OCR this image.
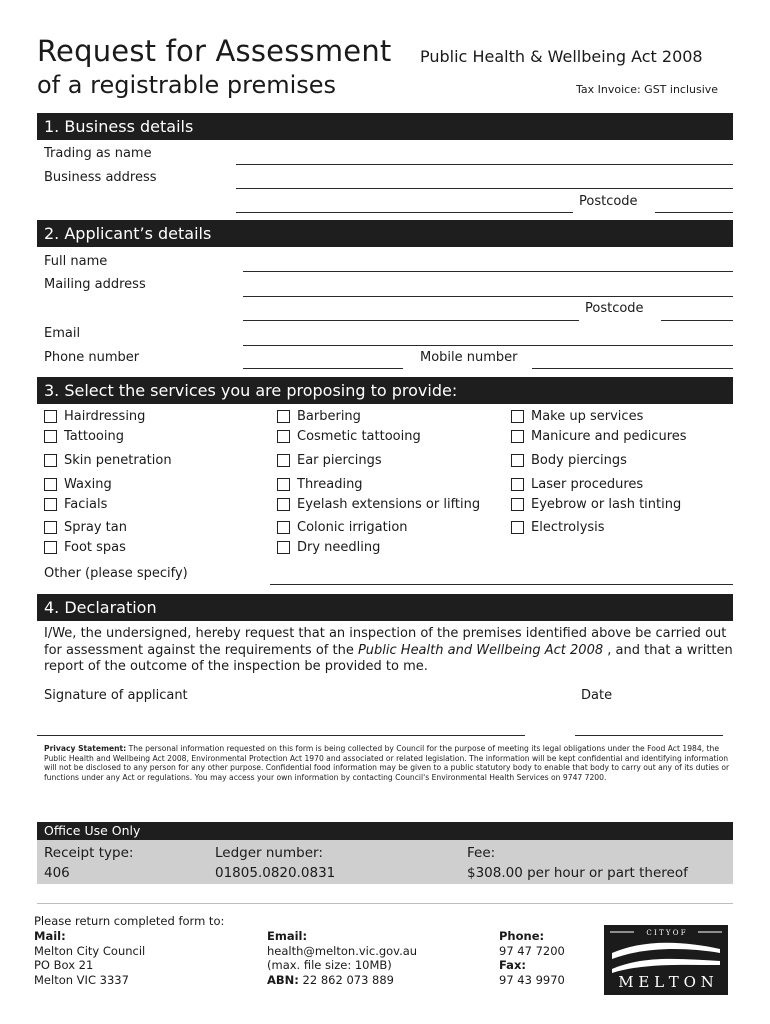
Request for Assessment
of a registrable premises
Public Health & Wellbeing Act 2008
Tax Invoice: GST inclusive
1. Business details
Trading as name
Business address
Postcode
2. Applicant’s details
Full name
Mailing address
Postcode
Email
Phone number	Mobile number
3. Select the services you are proposing to provide:
Hairdressing
Tattooing
Skin penetration
Waxing
Facials
Spray tan
Foot spas
Barbering
Cosmetic tattooing
Ear piercings
Threading
Eyelash extensions or lifting
Colonic irrigation
Dry needling
Make up services
Manicure and pedicures
Body piercings
Laser procedures
Eyebrow or lash tinting
Electrolysis
Other (please specify)
4. Declaration
I/We, the undersigned, hereby request that an inspection of the premises identified above be carried out for assessment against the requirements of the Public Health and Wellbeing Act 2008 , and that a written report of the outcome of the inspection be provided to me.
Signature of applicant	Date
Privacy Statement: The personal information requested on this form is being collected by Council for the purpose of meeting its legal obligations under the Food Act 1984, the Public Health and Wellbeing Act 2008, Environmental Protection Act 1970 and associated or related legislation. The information will be kept confidential and identifying information will not be disclosed to any person for any other purpose. Confidential food information may be given to a public statutory body to enable that body to carry out any of its duties or functions under any Act or regulations. You may access your own information by contacting Council's Environmental Health Services on 9747 7200.
Office Use Only
Receipt type:
406
Ledger number:
01805.0820.0831
Fee:
$308.00 per hour or part thereof
Please return completed form to:
Mail:
Melton City Council
PO Box 21
Melton VIC 3337
Email:
health@melton.vic.gov.au
(max. file size: 10MB)
ABN: 22 862 073 889
Phone:
97 47 7200
Fax:
97 43 9970
C I T Y O F
M E L T O N
